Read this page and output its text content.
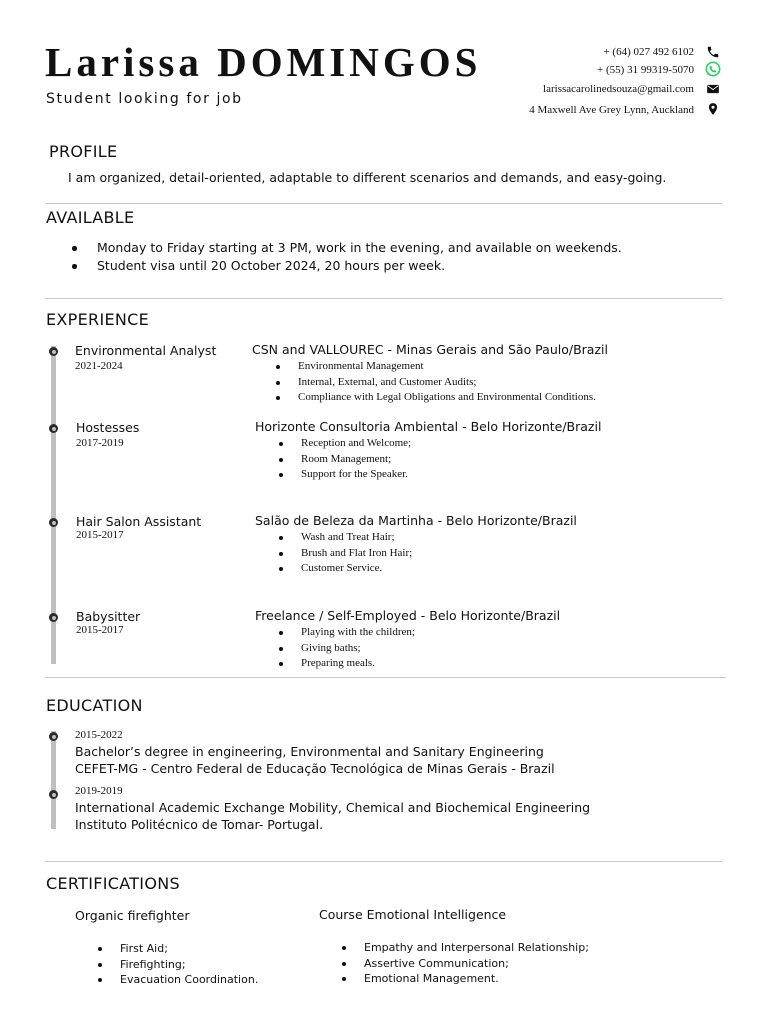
Larissa DOMINGOS
Student looking for job
+ (64) 027 492 6102
+ (55) 31 99319-5070
larissacarolinedsouza@gmail.com
4 Maxwell Ave Grey Lynn, Auckland
PROFILE
I am organized, detail-oriented, adaptable to different scenarios and demands, and easy-going.
AVAILABLE
Monday to Friday starting at 3 PM, work in the evening, and available on weekends.
Student visa until 20 October 2024, 20 hours per week.
EXPERIENCE
Environmental Analyst
2021-2024
CSN and VALLOUREC - Minas Gerais and São Paulo/Brazil
Environmental Management
Internal, External, and Customer Audits;
Compliance with Legal Obligations and Environmental Conditions.
Hostesses
2017-2019
Horizonte Consultoria Ambiental - Belo Horizonte/Brazil
Reception and Welcome;
Room Management;
Support for the Speaker.
Hair Salon Assistant
2015-2017
Salão de Beleza da Martinha - Belo Horizonte/Brazil
Wash and Treat Hair;
Brush and Flat Iron Hair;
Customer Service.
Babysitter
2015-2017
Freelance / Self-Employed - Belo Horizonte/Brazil
Playing with the children;
Giving baths;
Preparing meals.
EDUCATION
2015-2022
Bachelor’s degree in engineering, Environmental and Sanitary Engineering
CEFET-MG - Centro Federal de Educação Tecnológica de Minas Gerais - Brazil
2019-2019
International Academic Exchange Mobility, Chemical and Biochemical Engineering
Instituto Politécnico de Tomar- Portugal.
CERTIFICATIONS
Organic firefighter
First Aid;
Firefighting;
Evacuation Coordination.
Course Emotional Intelligence
Empathy and Interpersonal Relationship;
Assertive Communication;
Emotional Management.
